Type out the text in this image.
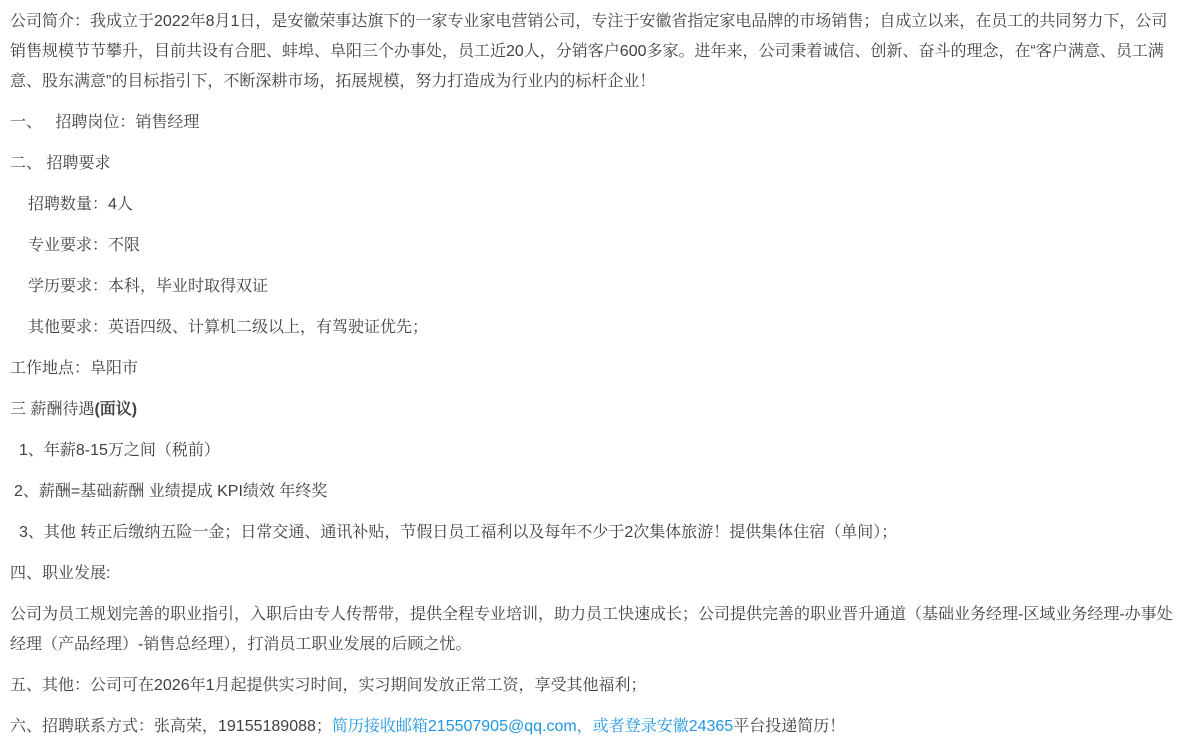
公司简介：我成立于2022年8月1日，是安徽荣事达旗下的一家专业家电营销公司，专注于安徽省指定家电品牌的市场销售；自成立以来，在员工的共同努力下，公司销售规模节节攀升，目前共设有合肥、蚌埠、阜阳三个办事处，员工近20人，分销客户600多家。进年来，公司秉着诚信、创新、奋斗的理念，在“客户满意、员工满意、股东满意”的目标指引下，不断深耕市场，拓展规模，努力打造成为行业内的标杆企业！

一、   招聘岗位：销售经理

二、 招聘要求

招聘数量：4人

专业要求：不限

学历要求：本科，毕业时取得双证

其他要求：英语四级、计算机二级以上，有驾驶证优先；

工作地点：阜阳市

三 薪酬待遇(面议)

1、年薪8-15万之间（税前）

2、薪酬=基础薪酬 业绩提成 KPI绩效 年终奖

3、其他 转正后缴纳五险一金；日常交通、通讯补贴，节假日员工福利以及每年不少于2次集体旅游！提供集体住宿（单间）；

四、职业发展:

公司为员工规划完善的职业指引，入职后由专人传帮带，提供全程专业培训，助力员工快速成长；公司提供完善的职业晋升通道（基础业务经理-区域业务经理-办事处经理（产品经理）-销售总经理），打消员工职业发展的后顾之忧。

五、其他：公司可在2026年1月起提供实习时间，实习期间发放正常工资，享受其他福利；

六、招聘联系方式：张高荣，19155189088；简历接收邮箱215507905@qq.com，或者登录安徽24365平台投递简历！
